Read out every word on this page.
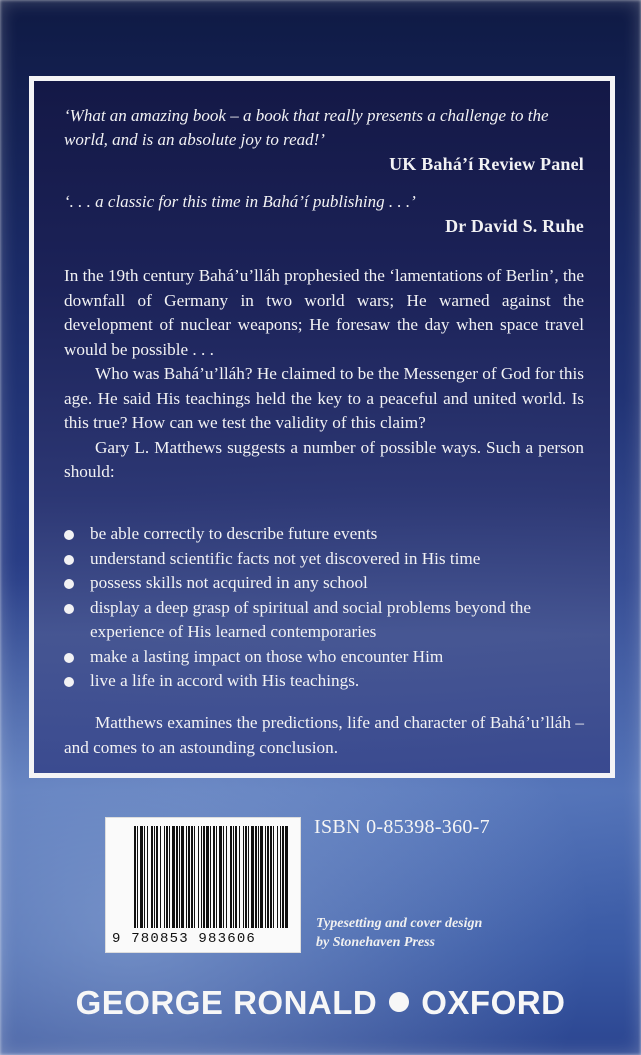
‘What an amazing book – a book that really presents a challenge to the world, and is an absolute joy to read!’
UK Bahá’í Review Panel
‘. . . a classic for this time in Bahá’í publishing . . .’
Dr David S. Ruhe

In the 19th century Bahá’u’lláh prophesied the ‘lamentations of Berlin’, the downfall of Germany in two world wars; He warned against the development of nuclear weapons; He foresaw the day when space travel would be possible . . .

Who was Bahá’u’lláh? He claimed to be the Messenger of God for this age. He said His teachings held the key to a peaceful and united world. Is this true? How can we test the validity of this claim?

Gary L. Matthews suggests a number of possible ways. Such a person should:

be able correctly to describe future events
understand scientific facts not yet discovered in His time
possess skills not acquired in any school
display a deep grasp of spiritual and social problems beyond the experience of His learned contemporaries
make a lasting impact on those who encounter Him
live a life in accord with His teachings.
Matthews examines the predictions, life and character of Bahá’u’lláh – and comes to an astounding conclusion.
9 780853 983606
ISBN 0-85398-360-7
Typesetting and cover design
by Stonehaven Press
GEORGE RONALD OXFORD
